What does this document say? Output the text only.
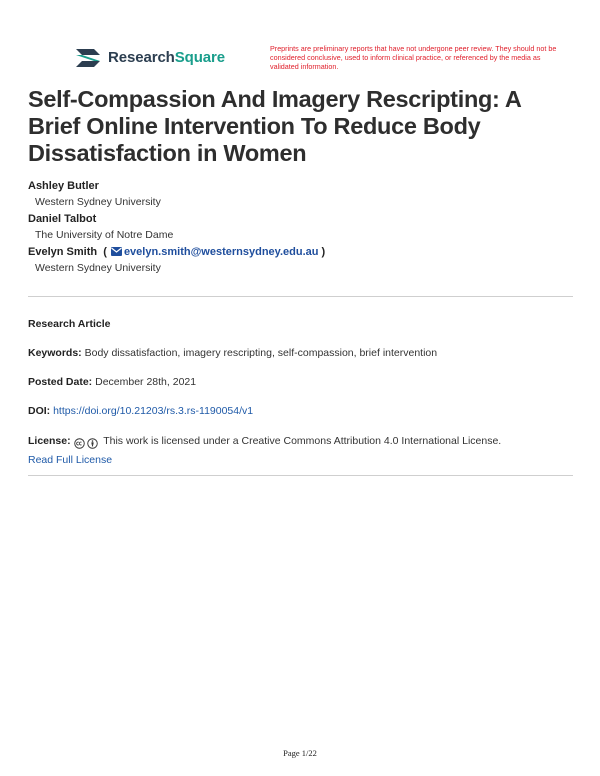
ResearchSquare
Preprints are preliminary reports that have not undergone peer review. They should not be considered conclusive, used to inform clinical practice, or referenced by the media as validated information.
Self-Compassion And Imagery Rescripting: A Brief Online Intervention To Reduce Body Dissatisfaction in Women
Ashley Butler
Western Sydney University
Daniel Talbot
The University of Notre Dame
Evelyn Smith  ( evelyn.smith@westernsydney.edu.au )
Western Sydney University
Research Article
Keywords: Body dissatisfaction, imagery rescripting, self-compassion, brief intervention
Posted Date: December 28th, 2021
DOI: https://doi.org/10.21203/rs.3.rs-1190054/v1
License:	This work is licensed under a Creative Commons Attribution 4.0 International License.
Read Full License
Page 1/22
